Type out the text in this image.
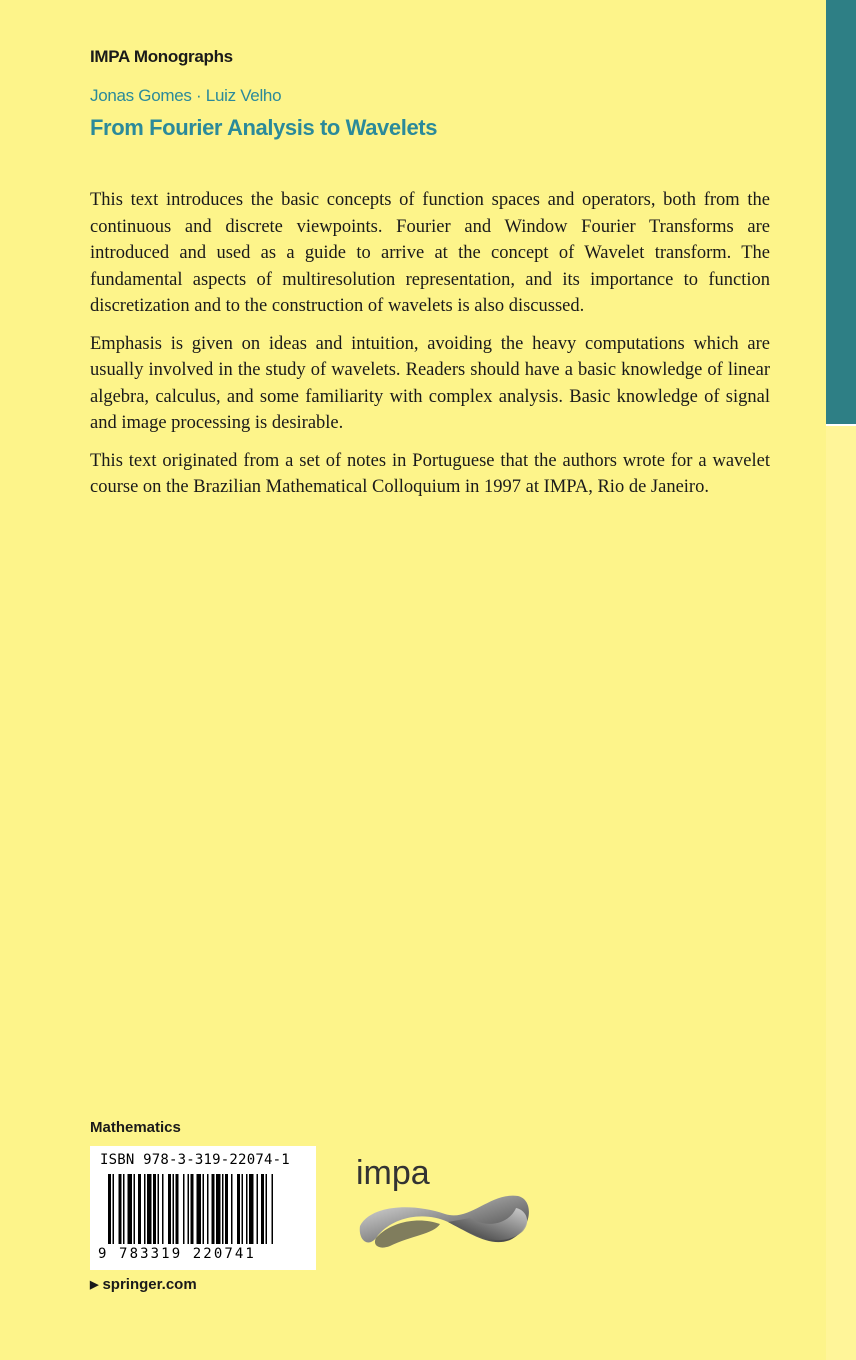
IMPA Monographs
Jonas Gomes · Luiz Velho
From Fourier Analysis to Wavelets

This text introduces the basic concepts of function spaces and operators, both from the continuous and discrete viewpoints. Fourier and Window Fourier Transforms are introduced and used as a guide to arrive at the concept of Wavelet transform. The fundamental aspects of multiresolution representation, and its importance to function discretization and to the construction of wavelets is also discussed.

Emphasis is given on ideas and intuition, avoiding the heavy computations which are usually involved in the study of wavelets. Readers should have a basic knowledge of linear algebra, calculus, and some familiarity with complex analysis. Basic knowledge of signal and image processing is desirable.

This text originated from a set of notes in Portuguese that the authors wrote for a wavelet course on the Brazilian Mathematical Colloquium in 1997 at IMPA, Rio de Janeiro.

Mathematics
ISBN 978-3-319-22074-1
9 783319 220741
impa
▶ springer.com
